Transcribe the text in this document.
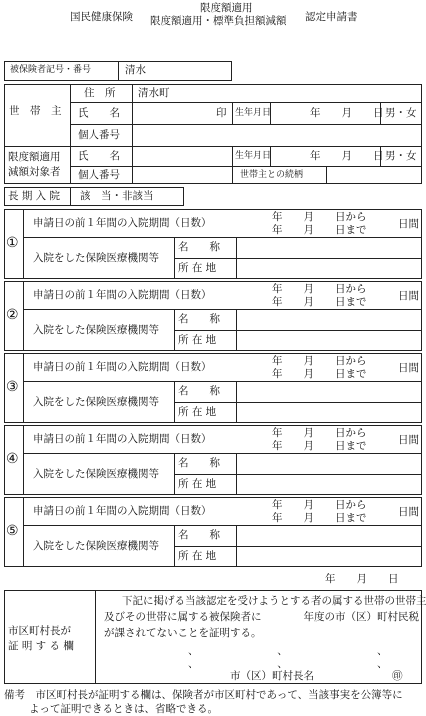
国民健康保険
限度額適用
限度額適用・標準負担額減額 認定申請書
被保険者記号・番号	清水
世　帯　主
住　所 清水町
氏　　名	印 生年月日	年　　月　　日 男・女
個人番号
限度額適用
減額対象者
氏　　名	生年月日	年　　月　　日 男・女
個人番号	世帯主との続柄
長 期 入 院 該　当・非該当
①
申請日の前１年間の入院期間（日数）	年　　月　　日から
年　　月　　日まで	日間
入院をした保険医療機関等
名　　称
所 在 地
②
申請日の前１年間の入院期間（日数）	年　　月　　日から
年　　月　　日まで	日間
入院をした保険医療機関等
名　　称
所 在 地
③
申請日の前１年間の入院期間（日数）	年　　月　　日から
年　　月　　日まで	日間
入院をした保険医療機関等
名　　称
所 在 地
④
申請日の前１年間の入院期間（日数）	年　　月　　日から
年　　月　　日まで	日間
入院をした保険医療機関等
名　　称
所 在 地
⑤
申請日の前１年間の入院期間（日数）	年　　月　　日から
年　　月　　日まで	日間
入院をした保険医療機関等
名　　称
所 在 地
年　　月　　日
市区町村長が
証 明 す る 欄
下記に掲げる当該認定を受けようとする者の属する世帯の世帯主
及びその世帯に属する被保険者に　　　　年度の市（区）町村民税
が課されてないことを証明する。
、　　　　　　　　、　　　　　　　　　、
、　　　　　　　　、　　　　　　　　　、
市（区）町村長名	㊞
備考　市区町村長が証明する欄は、保険者が市区町村であって、当該事実を公簿等に
よって証明できるときは、省略できる。
